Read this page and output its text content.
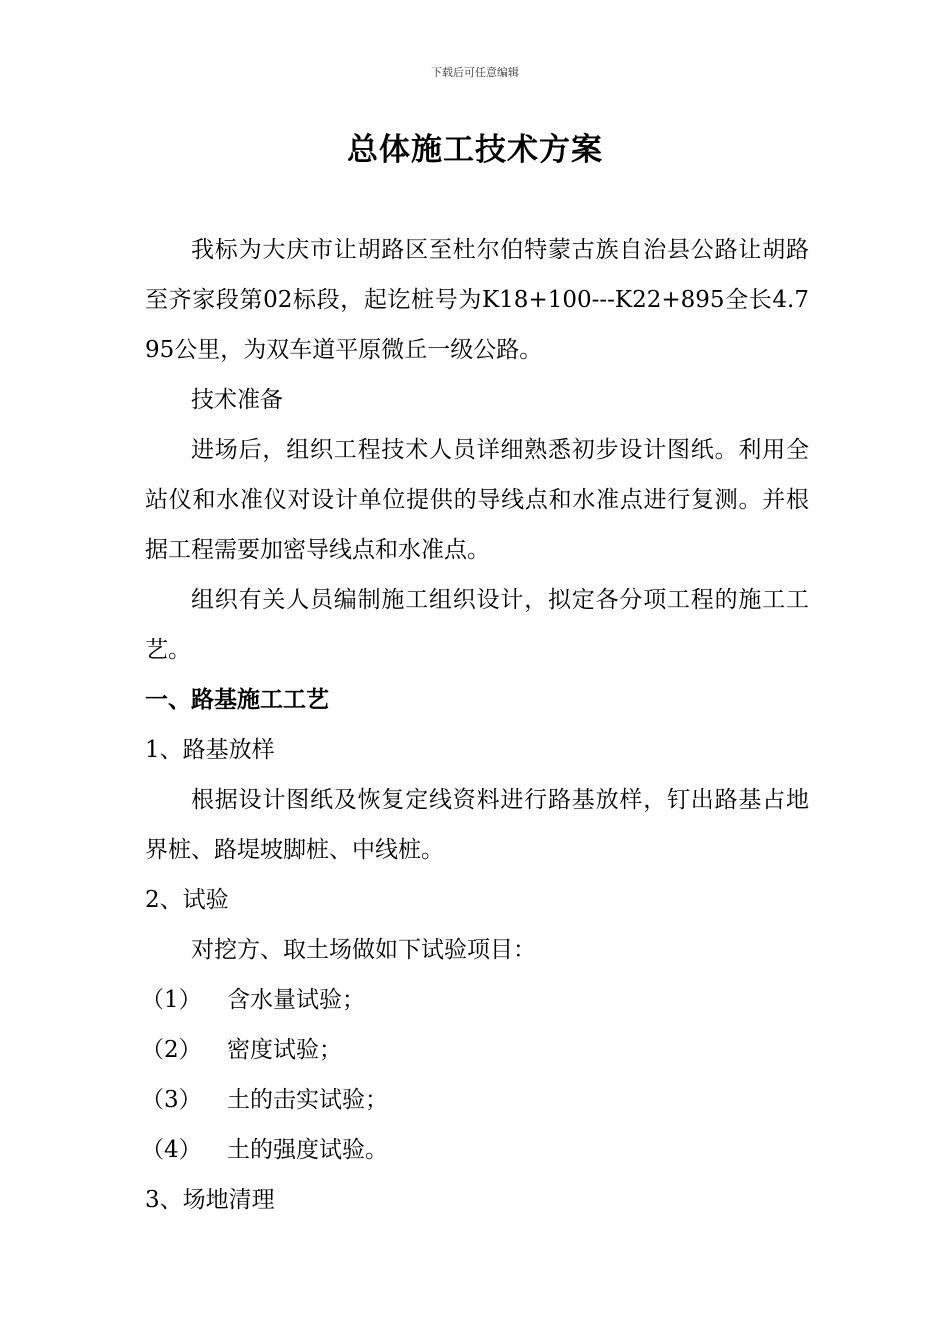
下载后可任意编辑
总体施工技术方案

我标为大庆市让胡路区至杜尔伯特蒙古族自治县公路让胡路至齐家段第02标段，起讫桩号为K18+100---K22+895全长4.795公里，为双车道平原微丘一级公路。

技术准备

进场后，组织工程技术人员详细熟悉初步设计图纸。利用全站仪和水准仪对设计单位提供的导线点和水准点进行复测。并根据工程需要加密导线点和水准点。

组织有关人员编制施工组织设计，拟定各分项工程的施工工艺。

一、路基施工工艺

1、路基放样

根据设计图纸及恢复定线资料进行路基放样，钉出路基占地界桩、路堤坡脚桩、中线桩。

2、试验

对挖方、取土场做如下试验项目：

（1） 含水量试验；

（2） 密度试验；

（3） 土的击实试验；

（4） 土的强度试验。

3、场地清理
